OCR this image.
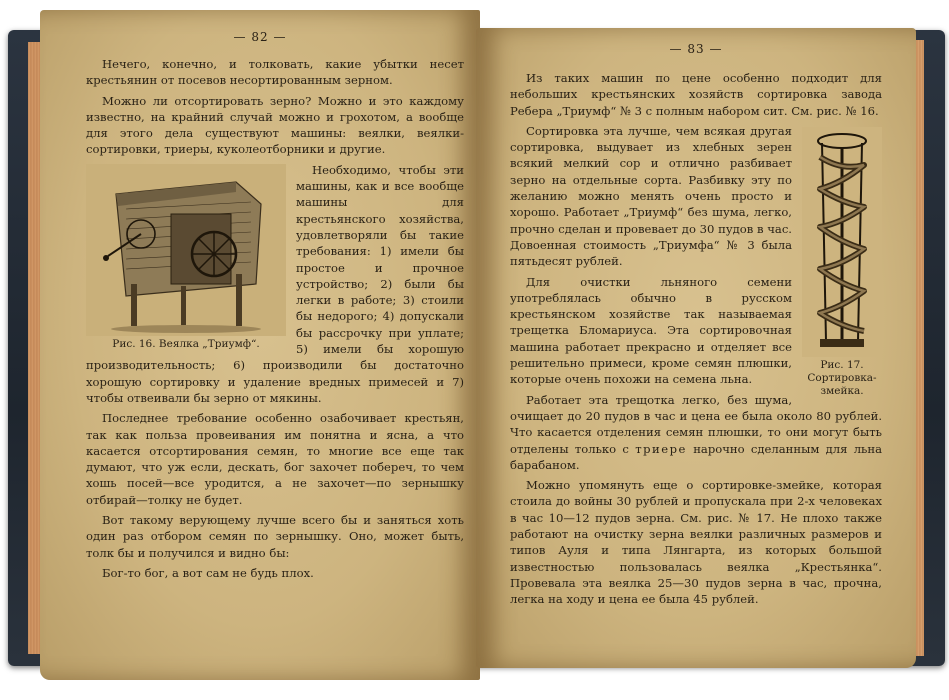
— 82 —

Нечего, конечно, и толковать, какие убытки несет крестьянин от посевов несортированным зерном.

Можно ли отсортировать зерно? Можно и это каждому известно, на крайний случай можно и грохотом, а вообще для этого дела существуют машины: веялки, веялки-сортировки, триеры, куколеотборники и другие.

Рис. 16. Веялка „Триумф“.

Необходимо, чтобы эти машины, как и все вообще машины для крестьянского хозяйства, удовлетворяли бы такие требования: 1) имели бы простое и прочное устройство; 2) были бы легки в работе; 3) стоили бы недорого; 4) допускали бы рассрочку при уплате; 5) имели бы хорошую производительность; 6) производили бы достаточно хорошую сортировку и удаление вредных примесей и 7) чтобы отвеивали бы зерно от мякины.

Последнее требование особенно озабочивает крестьян, так как польза провеивания им понятна и ясна, а что касается отсортирования семян, то многие все еще так думают, что уж если, дескать, бог захочет побереч, то чем хошь посей—все уродится, а не захочет—по зернышку отбирай—толку не будет.

Вот такому верующему лучше всего бы и заняться хоть один раз отбором семян по зернышку. Оно, может быть, толк бы и получился и видно бы:

Бог-то бог, а вот сам не будь плох.

— 83 —

Из таких машин по цене особенно подходит для небольших крестьянских хозяйств сортировка завода Ребера „Триумф“ № 3 с полным набором сит. См. рис. № 16.

Рис. 17. Сортировка-змейка.

Сортировка эта лучше, чем всякая другая сортировка, выдувает из хлебных зерен всякий мелкий сор и отлично разбивает зерно на отдельные сорта. Разбивку эту по желанию можно менять очень просто и хорошо. Работает „Триумф“ без шума, легко, прочно сделан и провевает до 30 пудов в час. Довоенная стоимость „Триумфа“ № 3 была пятьдесят рублей.

Для очистки льняного семени употреблялась обычно в русском крестьянском хозяйстве так называемая трещетка Бломариуса. Эта сортировочная машина работает прекрасно и отделяет все решительно примеси, кроме семян плюшки, которые очень похожи на семена льна.

Работает эта трещотка легко, без шума, очищает до 20 пудов в час и цена ее была около 80 рублей. Что касается отделения семян плюшки, то они могут быть отделены только с триере нарочно сделанным для льна барабаном.

Можно упомянуть еще о сортировке-змейке, которая стоила до войны 30 рублей и пропускала при 2-х человеках в час 10—12 пудов зерна. См. рис. № 17. Не плохо также работают на очистку зерна веялки различных размеров и типов Ауля и типа Лянгарта, из которых большой известностью пользовалась веялка „Крестьянка“. Провевала эта веялка 25—30 пудов зерна в час, прочна, легка на ходу и цена ее была 45 рублей.
